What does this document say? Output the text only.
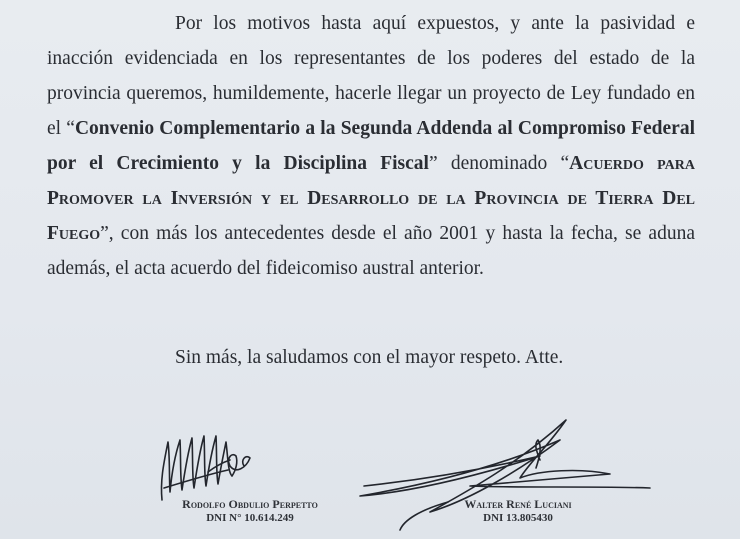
Por los motivos hasta aquí expuestos, y ante la pasividad e inacción evidenciada en los representantes de los poderes del estado de la provincia queremos, humildemente, hacerle llegar un proyecto de Ley fundado en el “Convenio Complementario a la Segunda Addenda al Compromiso Federal por el Crecimiento y la Disciplina Fiscal” denominado “Acuerdo para Promover la Inversión y el Desarrollo de la Provincia de Tierra Del Fuego”, con más los antecedentes desde el año 2001 y hasta la fecha, se aduna además, el acta acuerdo del fideicomiso austral anterior.

Sin más, la saludamos con el mayor respeto. Atte.

Rodolfo Obdulio Perpetto
DNI N° 10.614.249
Walter René Luciani
DNI 13.805430
